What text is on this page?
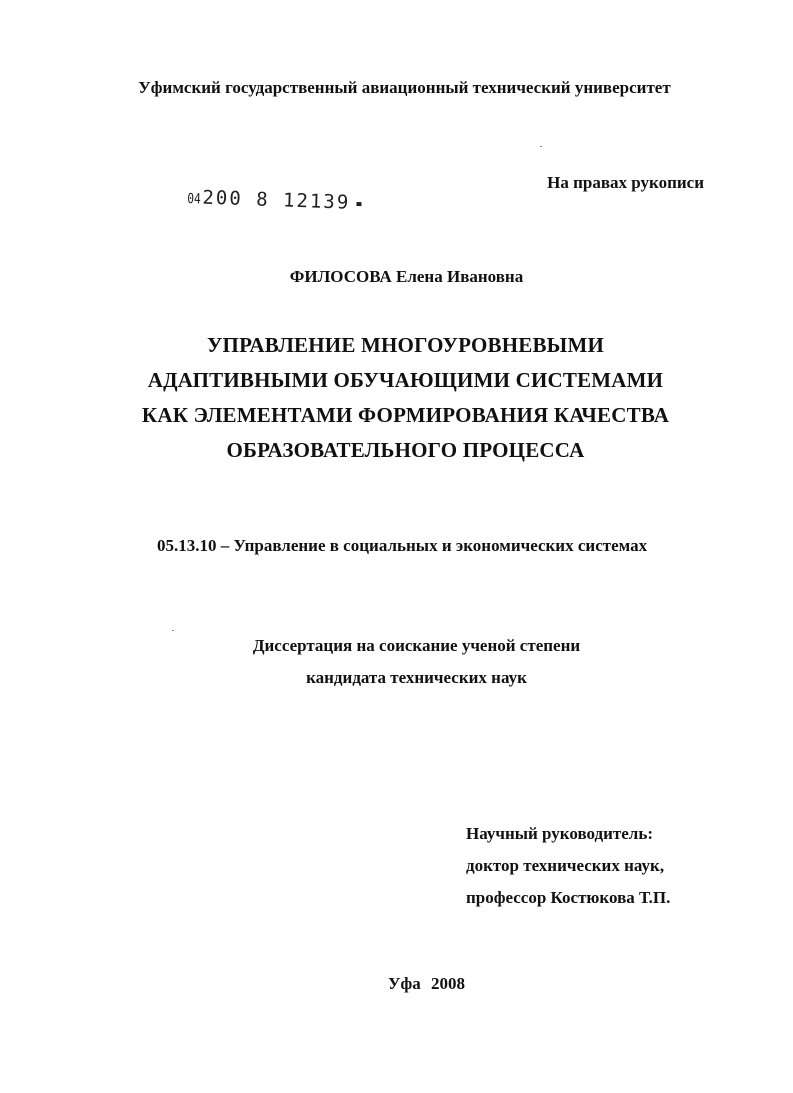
Уфимский государственный авиационный технический университет
На правах рукописи
04200 8 12139
ФИЛОСОВА Елена Ивановна
УПРАВЛЕНИЕ МНОГОУРОВНЕВЫМИ
АДАПТИВНЫМИ ОБУЧАЮЩИМИ СИСТЕМАМИ
КАК ЭЛЕМЕНТАМИ ФОРМИРОВАНИЯ КАЧЕСТВА
ОБРАЗОВАТЕЛЬНОГО ПРОЦЕССА
05.13.10 – Управление в социальных и экономических системах
Диссертация на соискание ученой степени
кандидата технических наук
Научный руководитель:
доктор технических наук,
профессор Костюкова Т.П.
Уфа 2008
